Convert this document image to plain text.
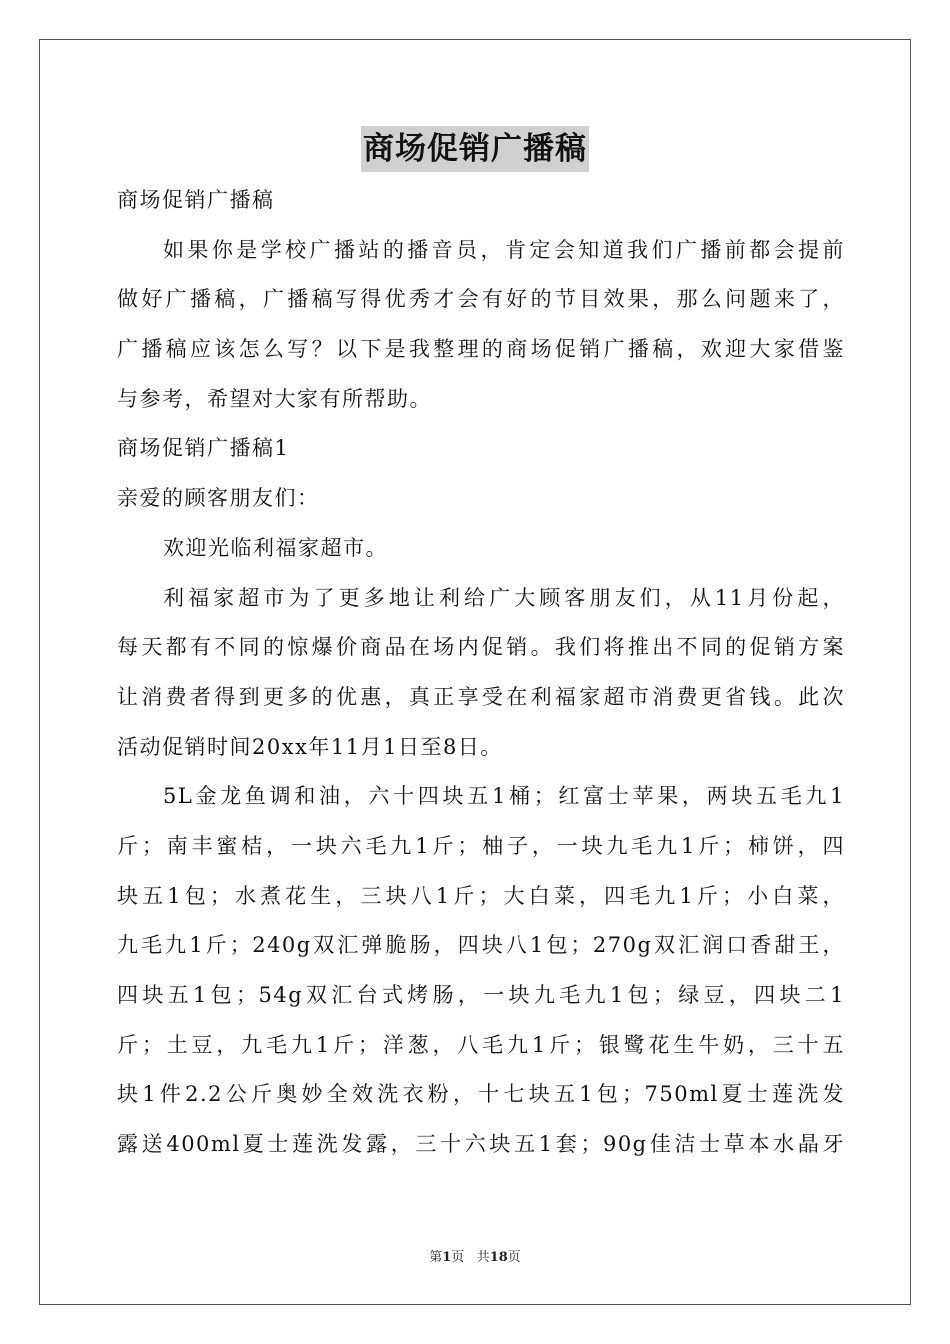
商场促销广播稿
商场促销广播稿
如果你是学校广播站的播音员，肯定会知道我们广播前都会提前
做好广播稿，广播稿写得优秀才会有好的节目效果，那么问题来了，
广播稿应该怎么写？以下是我整理的商场促销广播稿，欢迎大家借鉴
与参考，希望对大家有所帮助。
商场促销广播稿1
亲爱的顾客朋友们：
欢迎光临利福家超市。
利福家超市为了更多地让利给广大顾客朋友们，从11月份起，
每天都有不同的惊爆价商品在场内促销。我们将推出不同的促销方案
让消费者得到更多的优惠，真正享受在利福家超市消费更省钱。此次
活动促销时间20xx年11月1日至8日。
5L金龙鱼调和油，六十四块五1桶；红富士苹果，两块五毛九1
斤；南丰蜜桔，一块六毛九1斤；柚子，一块九毛九1斤；柿饼，四
块五1包；水煮花生，三块八1斤；大白菜，四毛九1斤；小白菜，
九毛九1斤；240g双汇弹脆肠，四块八1包；270g双汇润口香甜王，
四块五1包；54g双汇台式烤肠，一块九毛九1包；绿豆，四块二1
斤；土豆，九毛九1斤；洋葱，八毛九1斤；银鹭花生牛奶，三十五
块1件2.2公斤奥妙全效洗衣粉，十七块五1包；750ml夏士莲洗发
露送400ml夏士莲洗发露，三十六块五1套；90g佳洁士草本水晶牙
第1页 共18页
